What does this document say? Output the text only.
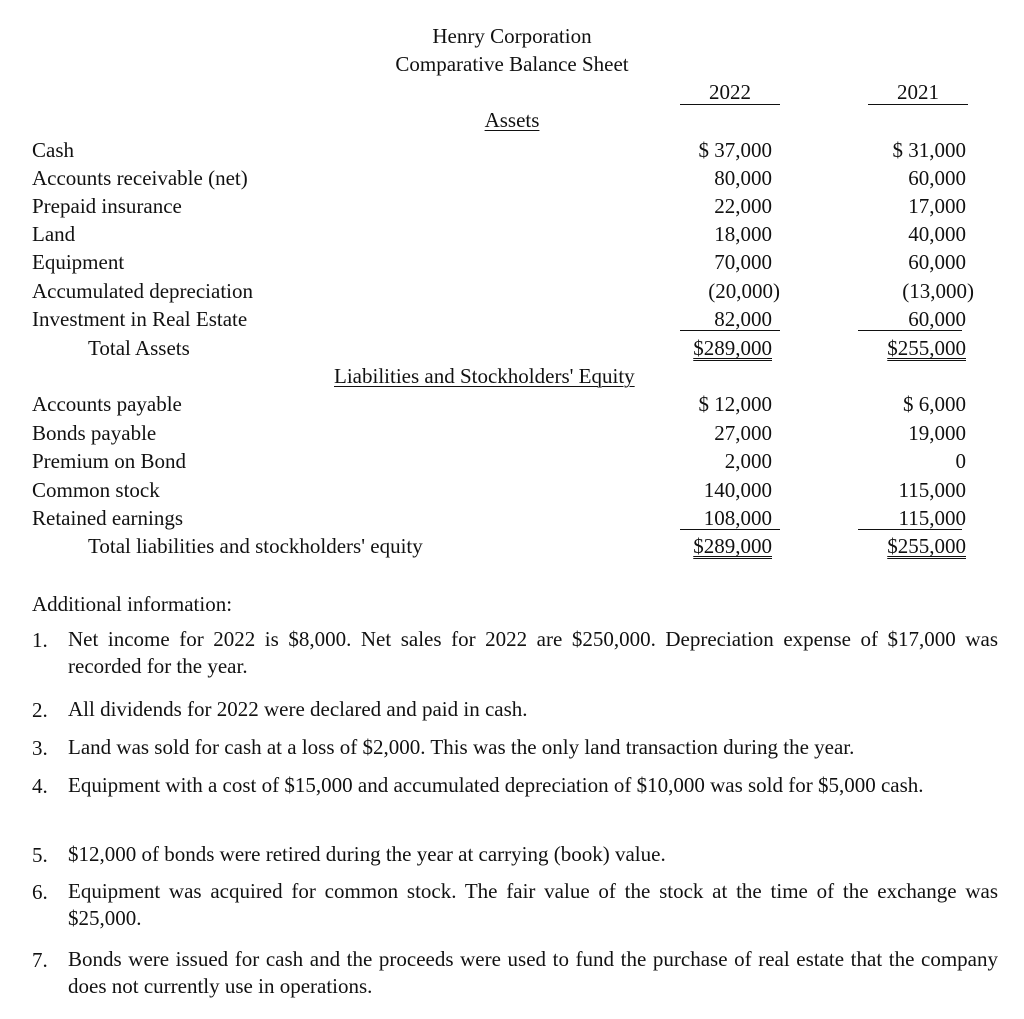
Henry Corporation
Comparative Balance Sheet
2022	2021
Assets
Cash	$ 37,000	$ 31,000
Accounts receivable (net)	80,000	60,000
Prepaid insurance	22,000	17,000
Land	18,000	40,000
Equipment	70,000	60,000
Accumulated depreciation	(20,000)	(13,000)
Investment in Real Estate	82,000	60,000
Total Assets	$289,000	$255,000
Liabilities and Stockholders' Equity
Accounts payable	$ 12,000	$ 6,000
Bonds payable	27,000	19,000
Premium on Bond	2,000	0
Common stock	140,000	115,000
Retained earnings	108,000	115,000
Total liabilities and stockholders' equity	$289,000	$255,000
Additional information:
1. Net income for 2022 is $8,000. Net sales for 2022 are $250,000. Depreciation expense of $17,000 was recorded for the year.
2. All dividends for 2022 were declared and paid in cash.
3. Land was sold for cash at a loss of $2,000. This was the only land transaction during the year.
4. Equipment with a cost of $15,000 and accumulated depreciation of $10,000 was sold for $5,000 cash.
5. $12,000 of bonds were retired during the year at carrying (book) value.
6. Equipment was acquired for common stock. The fair value of the stock at the time of the exchange was $25,000.
7. Bonds were issued for cash and the proceeds were used to fund the purchase of real estate that the company does not currently use in operations.
